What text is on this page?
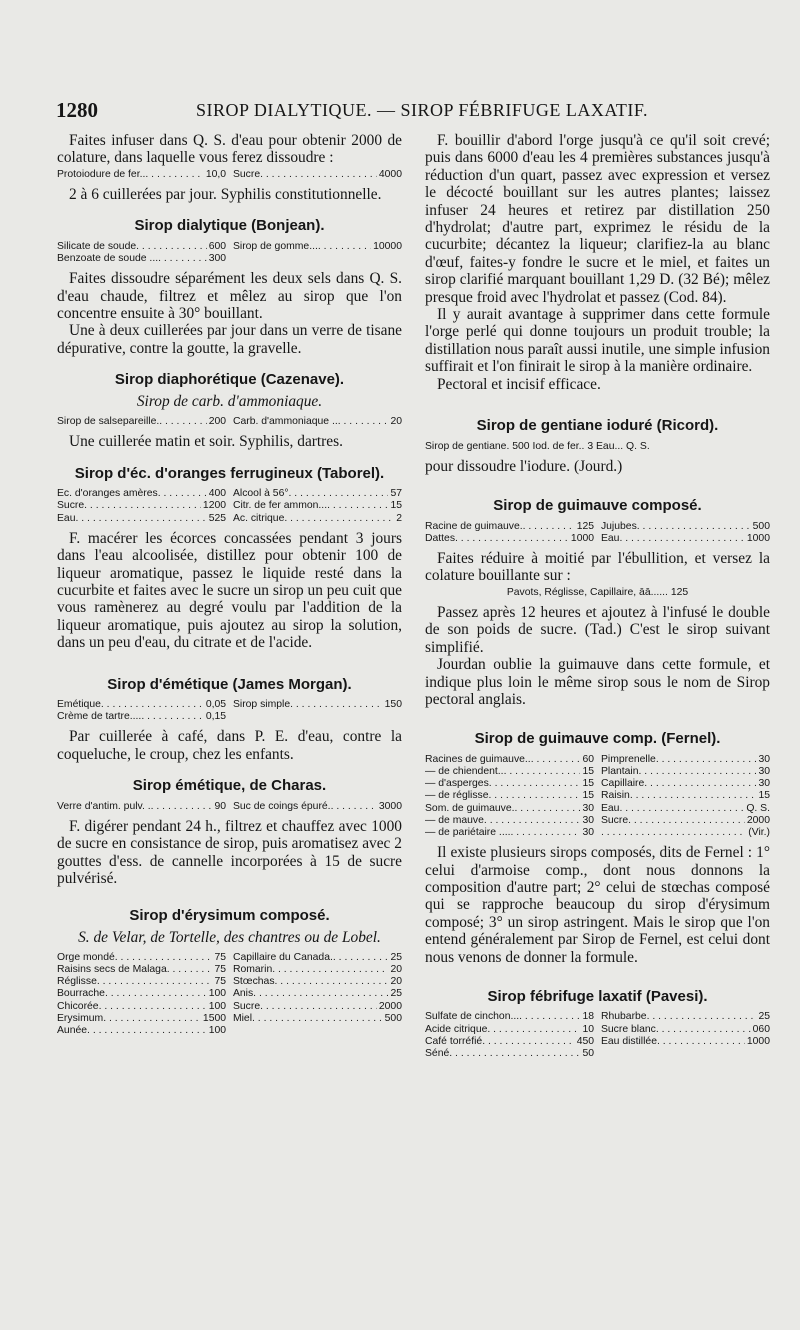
1280	SIROP DIALYTIQUE. — SIROP FÉBRIFUGE LAXATIF.

Faites infuser dans Q. S. d'eau pour obtenir 2000 de colature, dans laquelle vous ferez dissoudre :

Protoiodure de fer.. . . .	10,0 Sucre . . .	4000

2 à 6 cuillerées par jour. Syphilis constitutionnelle.

Sirop dialytique (Bonjean).
Silicate de soude . . .	600 Sirop de gomme... . . .	10000
Benzoate de soude ... . . .	300

Faites dissoudre séparément les deux sels dans Q. S. d'eau chaude, filtrez et mêlez au sirop que l'on concentre ensuite à 30° bouillant.

Une à deux cuillerées par jour dans un verre de tisane dépurative, contre la goutte, la gravelle.

Sirop diaphorétique (Cazenave).
Sirop de carb. d'ammoniaque.
Sirop de salsepareille. . . .	200 Carb. d'ammoniaque .. . . .	20

Une cuillerée matin et soir. Syphilis, dartres.

Sirop d'éc. d'oranges ferrugineux (Taborel).
Ec. d'oranges amères . . .	400 Alcool à 56° . . .	57
Sucre . . .	1200 Citr. de fer ammon... . . .	15
Eau . . .	525 Ac. citrique . . .	2

F. macérer les écorces concassées pendant 3 jours dans l'eau alcoolisée, distillez pour obtenir 100 de liqueur aromatique, passez le liquide resté dans la cucurbite et faites avec le sucre un sirop un peu cuit que vous ramènerez au degré voulu par l'addition de la liqueur aromatique, puis ajoutez au sirop la solution, dans un peu d'eau, du citrate et de l'acide.

Sirop d'émétique (James Morgan).
Emétique . . .	0,05 Sirop simple . . .	150
Crème de tartre.... . . .	0,15

Par cuillerée à café, dans P. E. d'eau, contre la coqueluche, le croup, chez les enfants.

Sirop émétique, de Charas.
Verre d'antim. pulv. . . . .	90 Suc de coings épuré. . . .	3000

F. digérer pendant 24 h., filtrez et chauffez avec 1000 de sucre en consistance de sirop, puis aromatisez avec 2 gouttes d'ess. de cannelle incorporées à 15 de sucre pulvérisé.

Sirop d'érysimum composé.
S. de Velar, de Tortelle, des chantres ou de Lobel.
Orge mondé . . .	75 Capillaire du Canada. . . .	25
Raisins secs de Malaga . . .	75 Romarin . . .	20
Réglisse . . .	75 Stœchas . . .	20
Bourrache . . .	100 Anis . . .	25
Chicorée . . .	100 Sucre . . .	2000
Erysimum . . .	1500 Miel . . .	500
Aunée . . .	100

F. bouillir d'abord l'orge jusqu'à ce qu'il soit crevé; puis dans 6000 d'eau les 4 premières substances jusqu'à réduction d'un quart, passez avec expression et versez le décocté bouillant sur les autres plantes; laissez infuser 24 heures et retirez par distillation 250 d'hydrolat; d'autre part, exprimez le résidu de la cucurbite; décantez la liqueur; clarifiez-la au blanc d'œuf, faites-y fondre le sucre et le miel, et faites un sirop clarifié marquant bouillant 1,29 D. (32 Bé); mêlez presque froid avec l'hydrolat et passez (Cod. 84).

Il y aurait avantage à supprimer dans cette formule l'orge perlé qui donne toujours un produit trouble; la distillation nous paraît aussi inutile, une simple infusion suffirait et l'on finirait le sirop à la manière ordinaire.

Pectoral et incisif efficace.

Sirop de gentiane ioduré (Ricord).
Sirop de gentiane. 500 Iod. de fer.. 3 Eau... Q. S.

pour dissoudre l'iodure. (Jourd.)

Sirop de guimauve composé.
Racine de guimauve. . . .	125 Jujubes . . .	500
Dattes . . .	1000 Eau . . .	1000

Faites réduire à moitié par l'ébullition, et versez la colature bouillante sur :

Pavots, Réglisse, Capillaire, āā...... 125

Passez après 12 heures et ajoutez à l'infusé le double de son poids de sucre. (Tad.) C'est le sirop suivant simplifié.

Jourdan oublie la guimauve dans cette formule, et indique plus loin le même sirop sous le nom de Sirop pectoral anglais.

Sirop de guimauve comp. (Fernel).
Racines de guimauve.. . . .	60 Pimprenelle . . .	30
— de chiendent.. . . .	15 Plantain . . .	30
— d'asperges . . .	15 Capillaire . . .	30
— de réglisse . . .	15 Raisin . . .	15
Som. de guimauve. . . .	30 Eau . . .	Q. S.
— de mauve . . .	30 Sucre . . .	2000
— de pariétaire .... . . .	30 . . .	(Vir.)

Il existe plusieurs sirops composés, dits de Fernel : 1° celui d'armoise comp., dont nous donnons la composition d'autre part; 2° celui de stœchas composé qui se rapproche beaucoup du sirop d'érysimum composé; 3° un sirop astringent. Mais le sirop que l'on entend généralement par Sirop de Fernel, est celui dont nous venons de donner la formule.

Sirop fébrifuge laxatif (Pavesi).
Sulfate de cinchon... . . .	18 Rhubarbe . . .	25
Acide citrique . . .	10 Sucre blanc . . .	060
Café torréfié . . .	450 Eau distillée . . .	1000
Séné . . .	50
